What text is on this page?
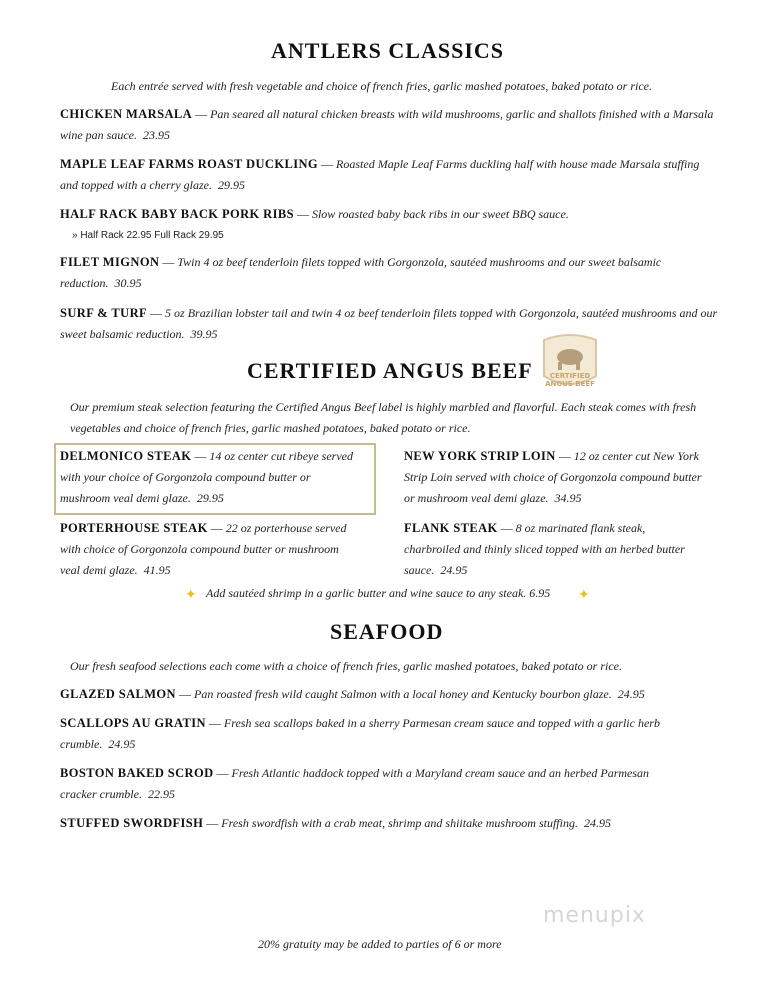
ANTLERS CLASSICS
Each entrée served with fresh vegetable and choice of french fries, garlic mashed potatoes, baked potato or rice.
CHICKEN MARSALA — Pan seared all natural chicken breasts with wild mushrooms, garlic and shallots finished with a Marsala wine pan sauce. 23.95
MAPLE LEAF FARMS ROAST DUCKLING — Roasted Maple Leaf Farms duckling half with house made Marsala stuffing and topped with a cherry glaze. 29.95
HALF RACK BABY BACK PORK RIBS — Slow roasted baby back ribs in our sweet BBQ sauce.
» Half Rack 22.95 Full Rack 29.95
FILET MIGNON — Twin 4 oz beef tenderloin filets topped with Gorgonzola, sautéed mushrooms and our sweet balsamic reduction. 30.95
SURF & TURF — 5 oz Brazilian lobster tail and twin 4 oz beef tenderloin filets topped with Gorgonzola, sautéed mushrooms and our sweet balsamic reduction. 39.95
CERTIFIED ANGUS BEEF CERTIFIED
ANGUS BEEF
Our premium steak selection featuring the Certified Angus Beef label is highly marbled and flavorful. Each steak comes with fresh vegetables and choice of french fries, garlic mashed potatoes, baked potato or rice.
DELMONICO STEAK — 14 oz center cut ribeye served with your choice of Gorgonzola compound butter or mushroom veal demi glaze. 29.95
NEW YORK STRIP LOIN — 12 oz center cut New York Strip Loin served with choice of Gorgonzola compound butter or mushroom veal demi glaze. 34.95
PORTERHOUSE STEAK — 22 oz porterhouse served with choice of Gorgonzola compound butter or mushroom veal demi glaze. 41.95
FLANK STEAK — 8 oz marinated flank steak, charbroiled and thinly sliced topped with an herbed butter sauce. 24.95
✦ Add sautéed shrimp in a garlic butter and wine sauce to any steak. 6.95 ✦
SEAFOOD
Our fresh seafood selections each come with a choice of french fries, garlic mashed potatoes, baked potato or rice.
GLAZED SALMON — Pan roasted fresh wild caught Salmon with a local honey and Kentucky bourbon glaze. 24.95
SCALLOPS AU GRATIN — Fresh sea scallops baked in a sherry Parmesan cream sauce and topped with a garlic herb crumble. 24.95
BOSTON BAKED SCROD — Fresh Atlantic haddock topped with a Maryland cream sauce and an herbed Parmesan cracker crumble. 22.95
STUFFED SWORDFISH — Fresh swordfish with a crab meat, shrimp and shiitake mushroom stuffing. 24.95
menupix
20% gratuity may be added to parties of 6 or more
